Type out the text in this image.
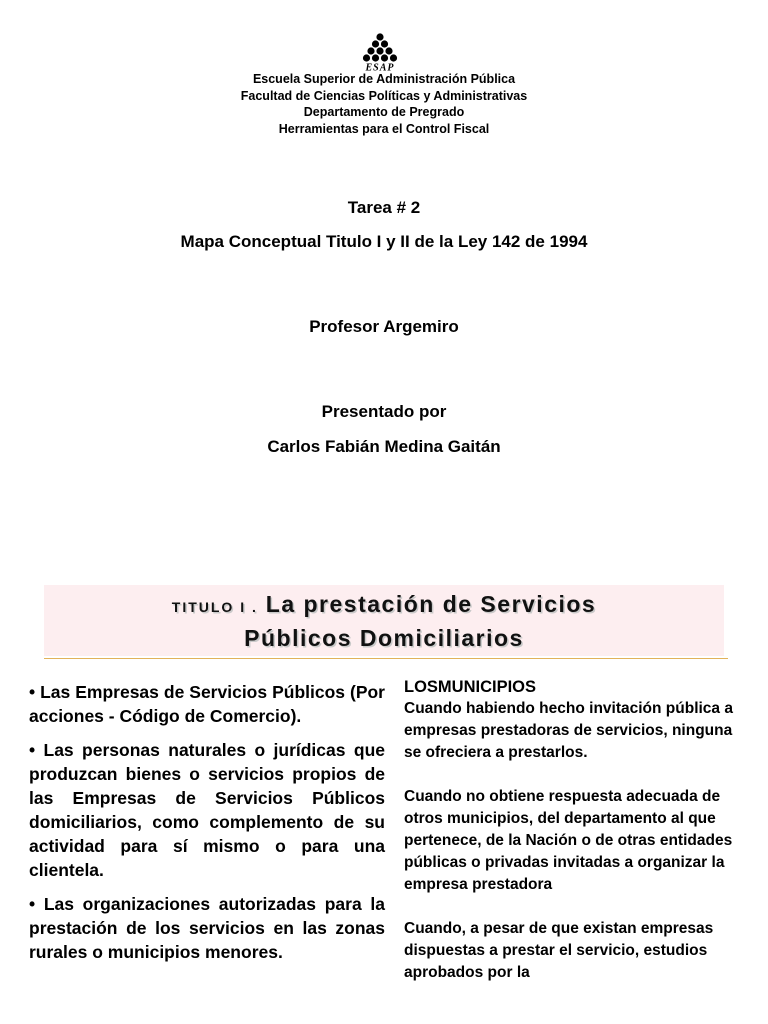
ESAP
Escuela Superior de Administración Pública
Facultad de Ciencias Políticas y Administrativas
Departamento de Pregrado
Herramientas para el Control Fiscal
Tarea # 2
Mapa Conceptual Titulo I y II de la Ley 142 de 1994
Profesor Argemiro
Presentado por
Carlos Fabián Medina Gaitán
TITULO I . La prestación de Servicios
Públicos Domiciliarios

• Las Empresas de Servicios Públicos (Por acciones - Código de Comercio).

• Las personas naturales o jurídicas que produzcan bienes o servicios propios de las Empresas de Servicios Públicos domiciliarios, como complemento de su actividad para sí mismo o para una clientela.

• Las organizaciones autorizadas para la prestación de los servicios en las zonas rurales o municipios menores.

LOSMUNICIPIOS

Cuando habiendo hecho invitación pública a empresas prestadoras de servicios, ninguna se ofreciera a prestarlos.

Cuando no obtiene respuesta adecuada de otros municipios, del departamento al que pertenece, de la Nación o de otras entidades públicas o privadas invitadas a organizar la empresa prestadora

Cuando, a pesar de que existan empresas dispuestas a prestar el servicio, estudios aprobados por la
